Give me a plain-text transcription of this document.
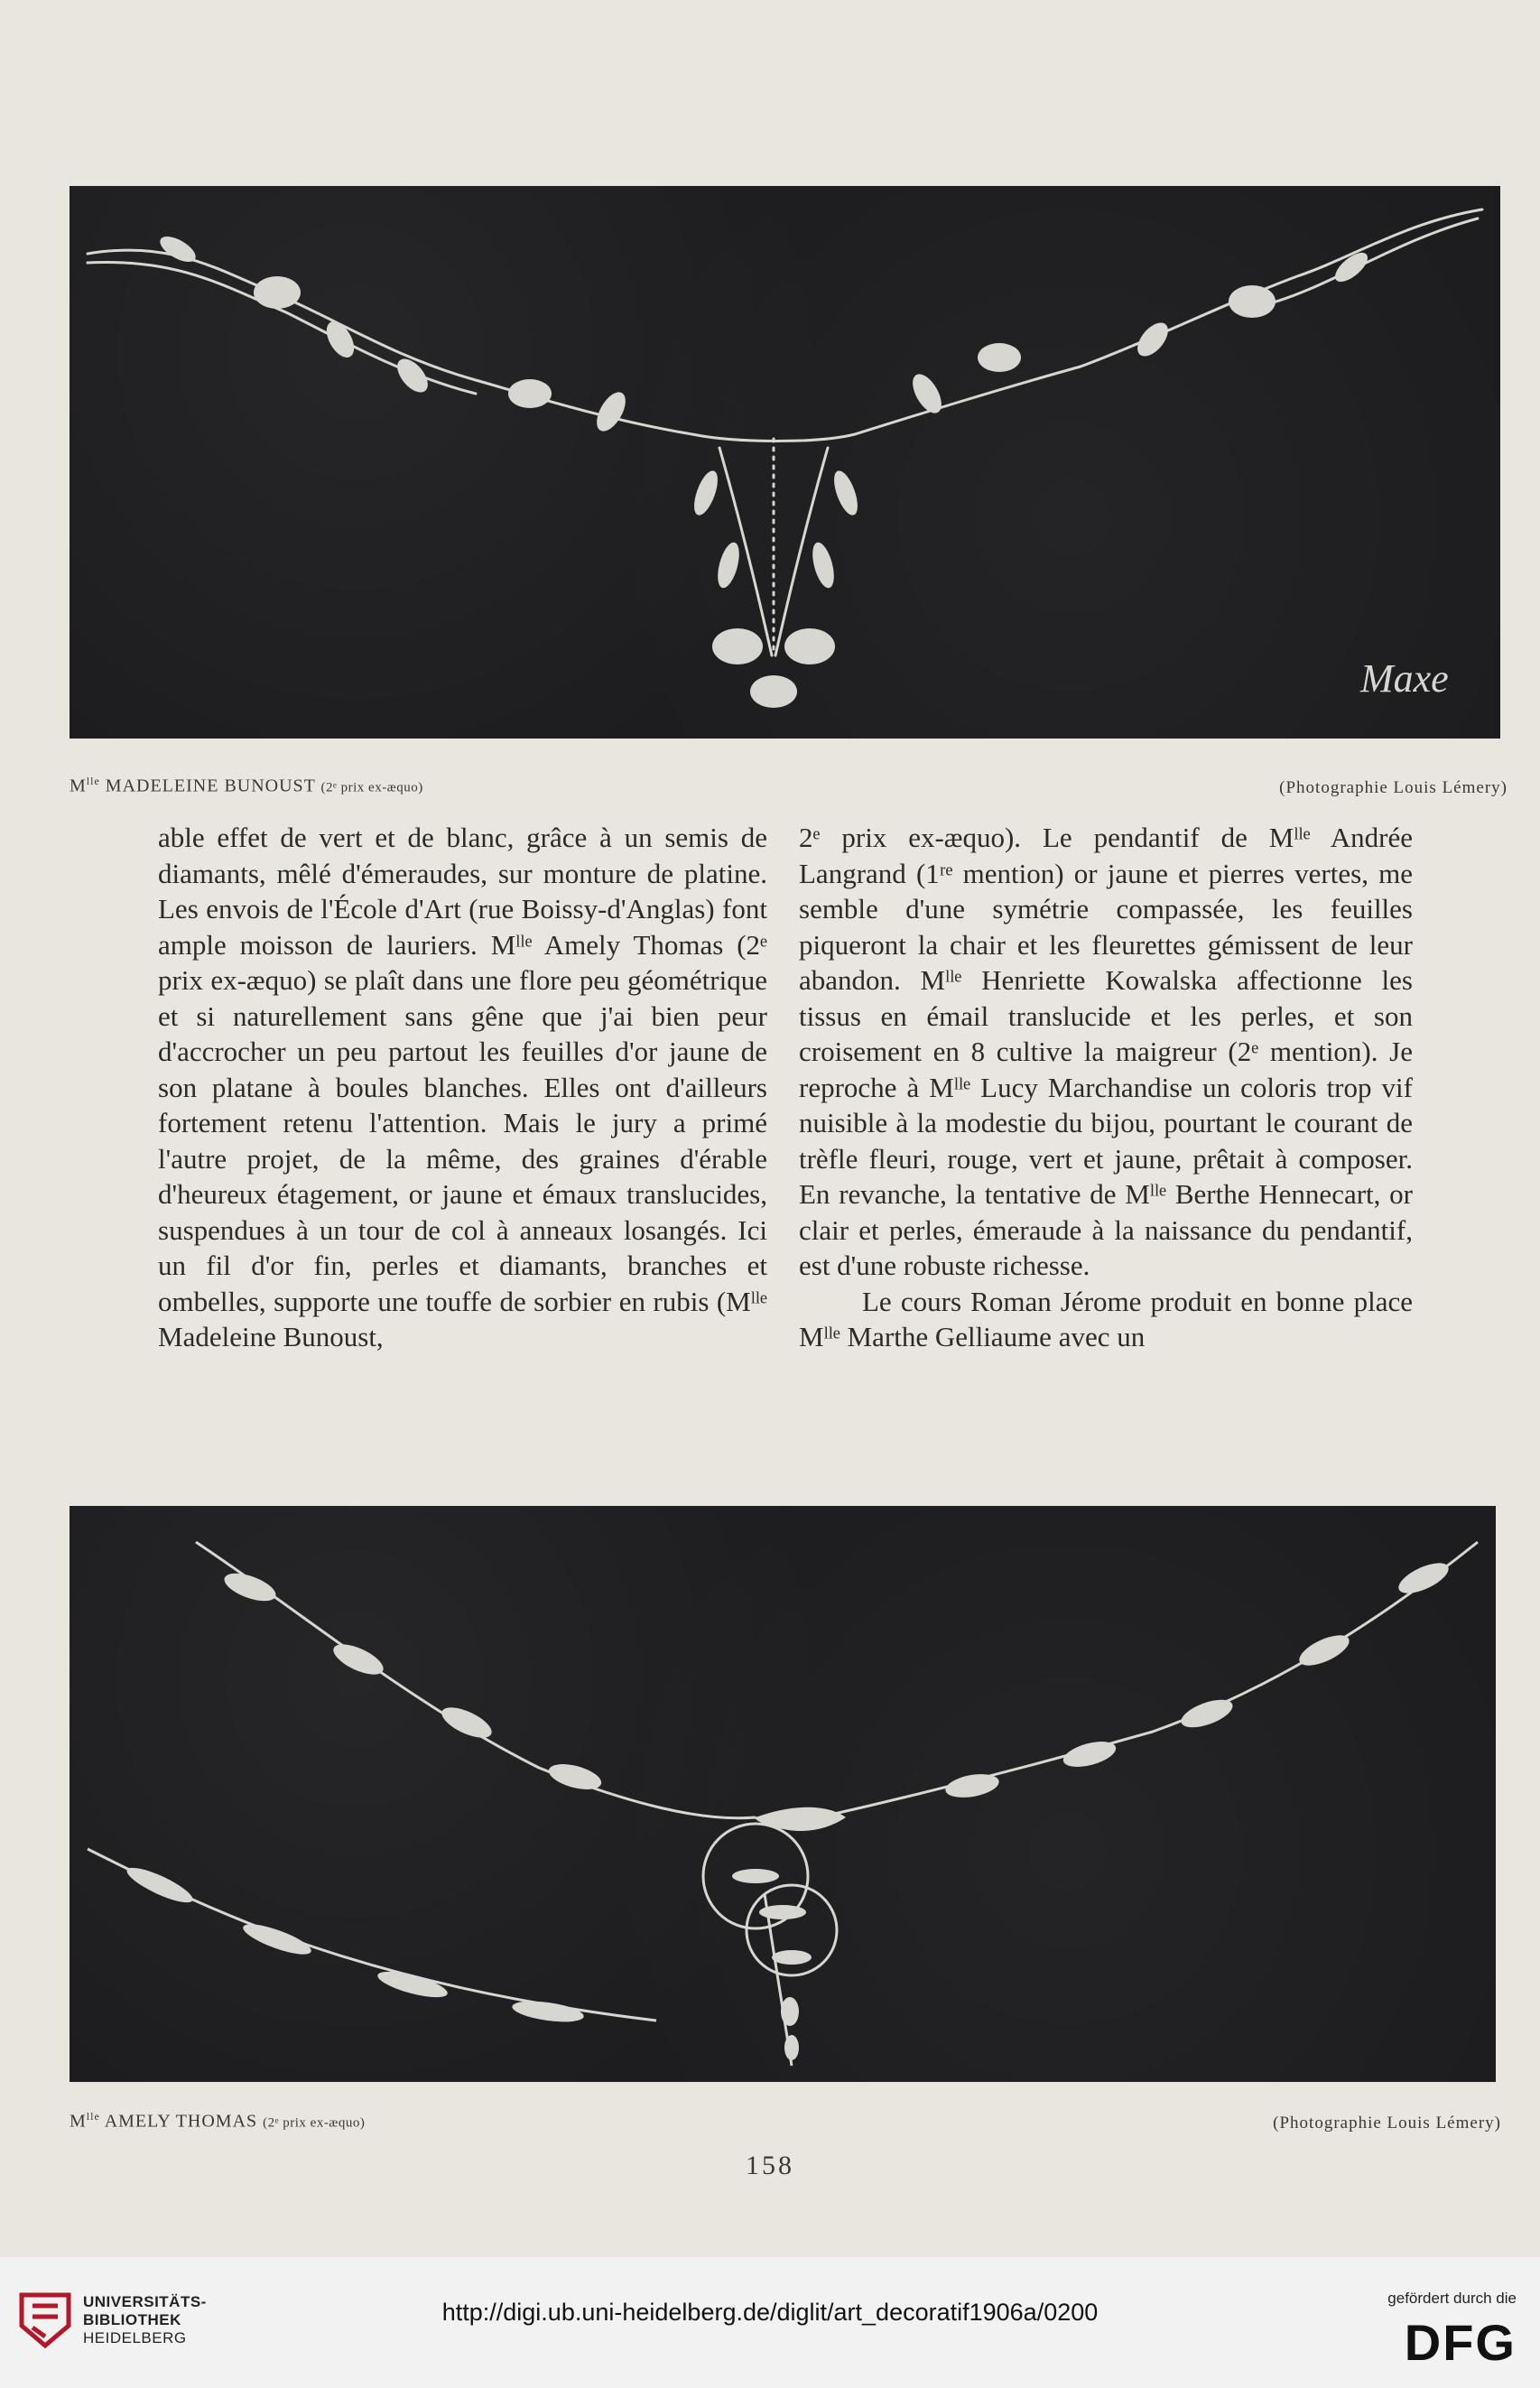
Maxe
$M^{lle}$ MADELEINE BUNOUST (2ᵉ prix ex-æquo)	(Photographie Louis Lémery)

able effet de vert et de blanc, grâce à un semis de diamants, mêlé d'émeraudes, sur monture de platine. Les envois de l'École d'Art (rue Boissy-d'Anglas) font ample moisson de lauriers. Mˡˡᵉ Amely Thomas (2ᵉ prix ex-æquo) se plaît dans une flore peu géométrique et si naturellement sans gêne que j'ai bien peur d'accrocher un peu partout les feuilles d'or jaune de son platane à boules blanches. Elles ont d'ailleurs fortement retenu l'attention. Mais le jury a primé l'autre projet, de la même, des graines d'érable d'heureux étagement, or jaune et émaux translucides, suspendues à un tour de col à anneaux losangés. Ici un fil d'or fin, perles et diamants, branches et ombelles, supporte une touffe de sorbier en rubis (Mˡˡᵉ Madeleine Bunoust,

2ᵉ prix ex-æquo). Le pendantif de Mˡˡᵉ Andrée Langrand (1ʳᵉ mention) or jaune et pierres vertes, me semble d'une symétrie compassée, les feuilles piqueront la chair et les fleurettes gémissent de leur abandon. Mˡˡᵉ Henriette Kowalska affectionne les tissus en émail translucide et les perles, et son croisement en 8 cultive la maigreur (2ᵉ mention). Je reproche à Mˡˡᵉ Lucy Marchandise un coloris trop vif nuisible à la modestie du bijou, pourtant le courant de trèfle fleuri, rouge, vert et jaune, prêtait à composer. En revanche, la tentative de Mˡˡᵉ Berthe Hennecart, or clair et perles, émeraude à la naissance du pendantif, est d'une robuste richesse.

Le cours Roman Jérome produit en bonne place Mˡˡᵉ Marthe Gelliaume avec un

$M^{lle}$ AMELY THOMAS (2ᵉ prix ex-æquo)	(Photographie Louis Lémery)
158
UNIVERSITÄTS-
BIBLIOTHEK
HEIDELBERG
http://digi.ub.uni-heidelberg.de/diglit/art_decoratif1906a/0200
gefördert durch die
DFG
